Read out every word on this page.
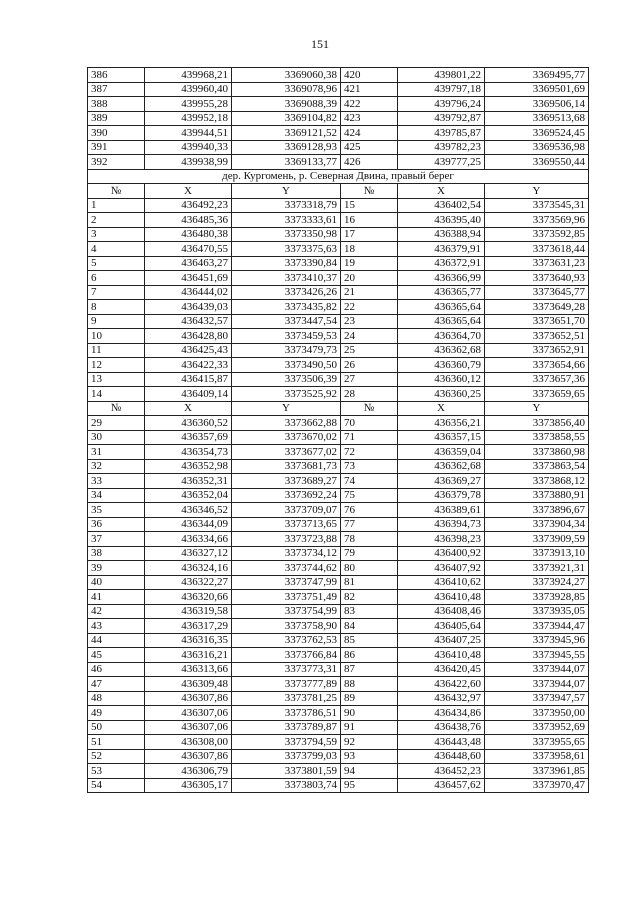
151
386	439968,21	3369060,38	420	439801,22	3369495,77
387	439960,40	3369078,96	421	439797,18	3369501,69
388	439955,28	3369088,39	422	439796,24	3369506,14
389	439952,18	3369104,82	423	439792,87	3369513,68
390	439944,51	3369121,52	424	439785,87	3369524,45
391	439940,33	3369128,93	425	439782,23	3369536,98
392	439938,99	3369133,77	426	439777,25	3369550,44
дер. Кургомень, р. Северная Двина, правый берег					
№	X	Y	№	X	Y
1	436492,23	3373318,79	15	436402,54	3373545,31
2	436485,36	3373333,61	16	436395,40	3373569,96
3	436480,38	3373350,98	17	436388,94	3373592,85
4	436470,55	3373375,63	18	436379,91	3373618,44
5	436463,27	3373390,84	19	436372,91	3373631,23
6	436451,69	3373410,37	20	436366,99	3373640,93
7	436444,02	3373426,26	21	436365,77	3373645,77
8	436439,03	3373435,82	22	436365,64	3373649,28
9	436432,57	3373447,54	23	436365,64	3373651,70
10	436428,80	3373459,53	24	436364,70	3373652,51
11	436425,43	3373479,73	25	436362,68	3373652,91
12	436422,33	3373490,50	26	436360,79	3373654,66
13	436415,87	3373506,39	27	436360,12	3373657,36
14	436409,14	3373525,92	28	436360,25	3373659,65
№	X	Y	№	X	Y
29	436360,52	3373662,88	70	436356,21	3373856,40
30	436357,69	3373670,02	71	436357,15	3373858,55
31	436354,73	3373677,02	72	436359,04	3373860,98
32	436352,98	3373681,73	73	436362,68	3373863,54
33	436352,31	3373689,27	74	436369,27	3373868,12
34	436352,04	3373692,24	75	436379,78	3373880,91
35	436346,52	3373709,07	76	436389,61	3373896,67
36	436344,09	3373713,65	77	436394,73	3373904,34
37	436334,66	3373723,88	78	436398,23	3373909,59
38	436327,12	3373734,12	79	436400,92	3373913,10
39	436324,16	3373744,62	80	436407,92	3373921,31
40	436322,27	3373747,99	81	436410,62	3373924,27
41	436320,66	3373751,49	82	436410,48	3373928,85
42	436319,58	3373754,99	83	436408,46	3373935,05
43	436317,29	3373758,90	84	436405,64	3373944,47
44	436316,35	3373762,53	85	436407,25	3373945,96
45	436316,21	3373766,84	86	436410,48	3373945,55
46	436313,66	3373773,31	87	436420,45	3373944,07
47	436309,48	3373777,89	88	436422,60	3373944,07
48	436307,86	3373781,25	89	436432,97	3373947,57
49	436307,06	3373786,51	90	436434,86	3373950,00
50	436307,06	3373789,87	91	436438,76	3373952,69
51	436308,00	3373794,59	92	436443,48	3373955,65
52	436307,86	3373799,03	93	436448,60	3373958,61
53	436306,79	3373801,59	94	436452,23	3373961,85
54	436305,17	3373803,74	95	436457,62	3373970,47
